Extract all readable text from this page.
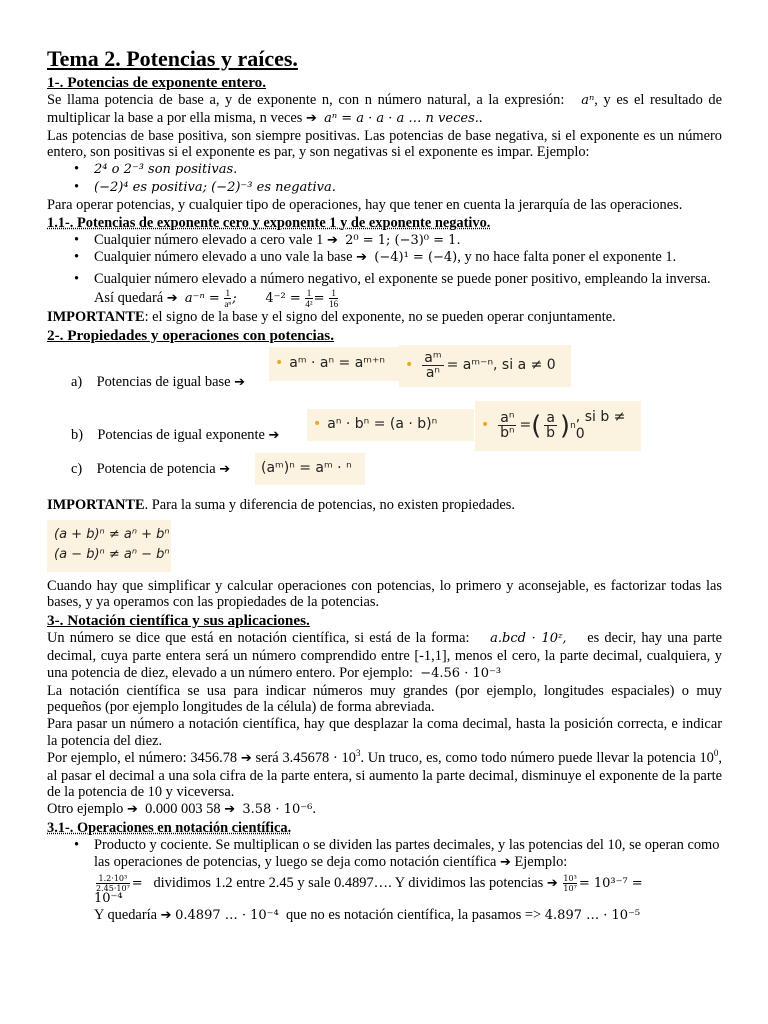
Tema 2. Potencias y raíces.
1-. Potencias de exponente entero.

Se llama potencia de base a, y de exponente n, con n número natural, a la expresión: aⁿ, y es el resultado de multiplicar la base a por ella misma, n veces ➔ aⁿ = a · a · a … n veces..

Las potencias de base positiva, son siempre positivas. Las potencias de base negativa, si el exponente es un número entero, son positivas si el exponente es par, y son negativas si el exponente es impar. Ejemplo:

• 2⁴ o 2⁻³ son positivas.
• (−2)⁴ es positiva; (−2)⁻³ es negativa.

Para operar potencias, y cualquier tipo de operaciones, hay que tener en cuenta la jerarquía de las operaciones.

1.1-. Potencias de exponente cero y exponente 1 y de exponente negativo.
• Cualquier número elevado a cero vale 1 ➔ 2⁰ = 1; (−3)⁰ = 1.
• Cualquier número elevado a uno vale la base ➔ (−4)¹ = (−4), y no hace falta poner el exponente 1.
• Cualquier número elevado a número negativo, el exponente se puede poner positivo, empleando la inversa. Así quedará ➔ $a^{-n} = \frac{1}{\text{aⁿ}}$ ; $4^{-2} = \frac{1}{\text{4²}} = \frac{1}{16}$

IMPORTANTE: el signo de la base y el signo del exponente, no se pueden operar conjuntamente.

2-. Propiedades y operaciones con potencias.
a) Potencias de igual base ➔
b) Potencias de igual exponente ➔
c) Potencia de potencia ➔
• aᵐ · aⁿ = aᵐ⁺ⁿ • $\frac{\text{aᵐ}}{\text{aⁿ}}$ = aᵐ⁻ⁿ, si a ≠ 0
• aⁿ · bⁿ = (a · b)ⁿ	• $\frac{\text{aⁿ}}{\text{bⁿ}}$ = ( $\frac{a}{b}$ ) n
, si b ≠ 0
(aᵐ)ⁿ = aᵐ · ⁿ

IMPORTANTE. Para la suma y diferencia de potencias, no existen propiedades.

(a + b)ⁿ ≠ aⁿ + bⁿ
(a − b)ⁿ ≠ aⁿ − bⁿ

Cuando hay que simplificar y calcular operaciones con potencias, lo primero y aconsejable, es factorizar todas las bases, y ya operamos con las propiedades de la potencias.

3-. Notación científica y sus aplicaciones.

Un número se dice que está en notación científica, si está de la forma: a.bcd · 10ᶻ, es decir, hay una parte decimal, cuya parte entera será un número comprendido entre [-1,1], menos el cero, la parte decimal, cualquiera, y una potencia de diez, elevado a un número entero. Por ejemplo: −4.56 · 10⁻³

La notación científica se usa para indicar números muy grandes (por ejemplo, longitudes espaciales) o muy pequeños (por ejemplo longitudes de la célula) de forma abreviada.

Para pasar un número a notación científica, hay que desplazar la coma decimal, hasta la posición correcta, e indicar la potencia del diez.

Por ejemplo, el número: 3456.78 ➔ será $3.45678 \cdot 10^3$. Un truco, es, como todo número puede llevar la potencia $10^0$, al pasar el decimal a una sola cifra de la parte entera, si aumento la parte decimal, disminuye el exponente de la parte de la potencia de 10 y viceversa.

Otro ejemplo ➔ 0.000 003 58 ➔ 3.58 · 10⁻⁶.

3.1-. Operaciones en notación científica.
• Producto y cociente. Se multiplican o se dividen las partes decimales, y las potencias del 10, se operan como las operaciones de potencias, y luego se deja como notación científica ➔ Ejemplo:
$\frac{\text{1.2·10³}}{\text{2.45·10⁷}}$ = dividimos 1.2 entre 2.45 y sale 0.4897…. Y dividimos las potencias ➔ $\frac{\text{10³}}{\text{10⁷}} = 10^{3-7}$ =
10⁻⁴
Y quedaría ➔ 0.4897 … · 10⁻⁴ que no es notación científica, la pasamos => 4.897 … · 10⁻⁵
